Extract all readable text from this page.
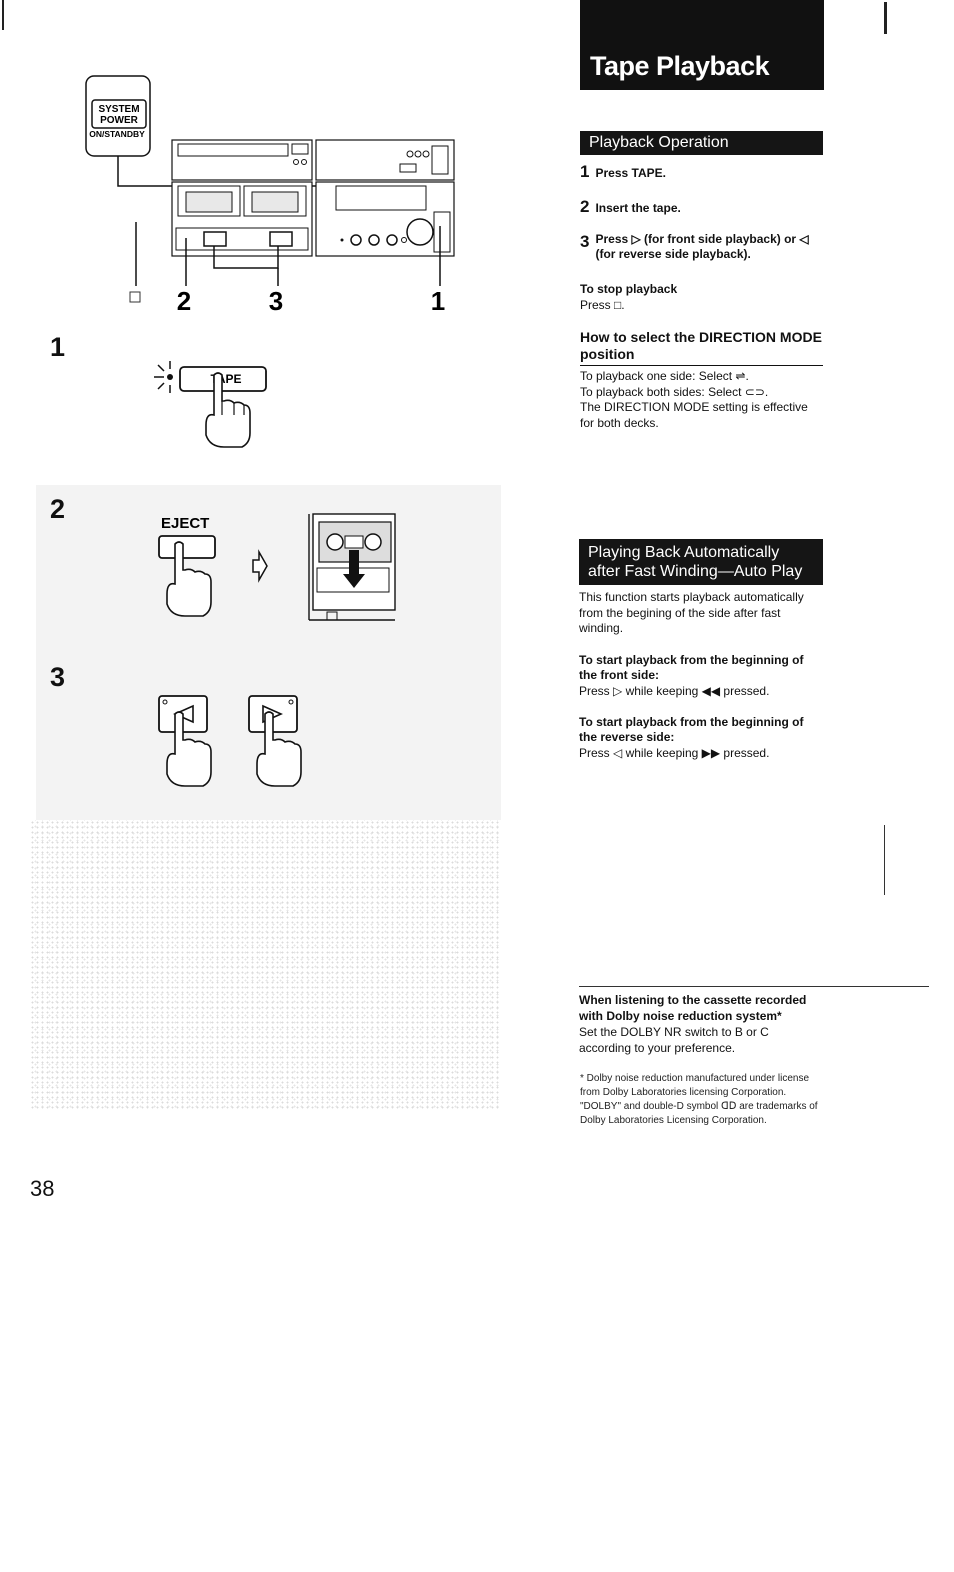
SYSTEM
POWER
ON/STANDBY
2	3	1
1
TAPE
2	EJECT
3
38
Tape Playback
Playback Operation
1 Press TAPE.
2 Insert the tape.
3 Press ▷ (for front side playback) or ◁ (for reverse side playback).
To stop playback
Press □.
How to select the DIRECTION MODE position
To playback one side: Select ⇌.
To playback both sides: Select ⊂⊃.
The DIRECTION MODE setting is effective for both decks.
Playing Back Automatically
after Fast Winding—Auto Play
This function starts playback automatically from the begining of the side after fast winding.
To start playback from the beginning of the front side:
Press ▷ while keeping ◀◀ pressed.
To start playback from the beginning of the reverse side:
Press ◁ while keeping ▶▶ pressed.
When listening to the cassette recorded with Dolby noise reduction system*
Set the DOLBY NR switch to B or C according to your preference.
* Dolby noise reduction manufactured under license from Dolby Laboratories licensing Corporation. "DOLBY" and double-D symbol ᗡᗞ are trademarks of Dolby Laboratories Licensing Corporation.
